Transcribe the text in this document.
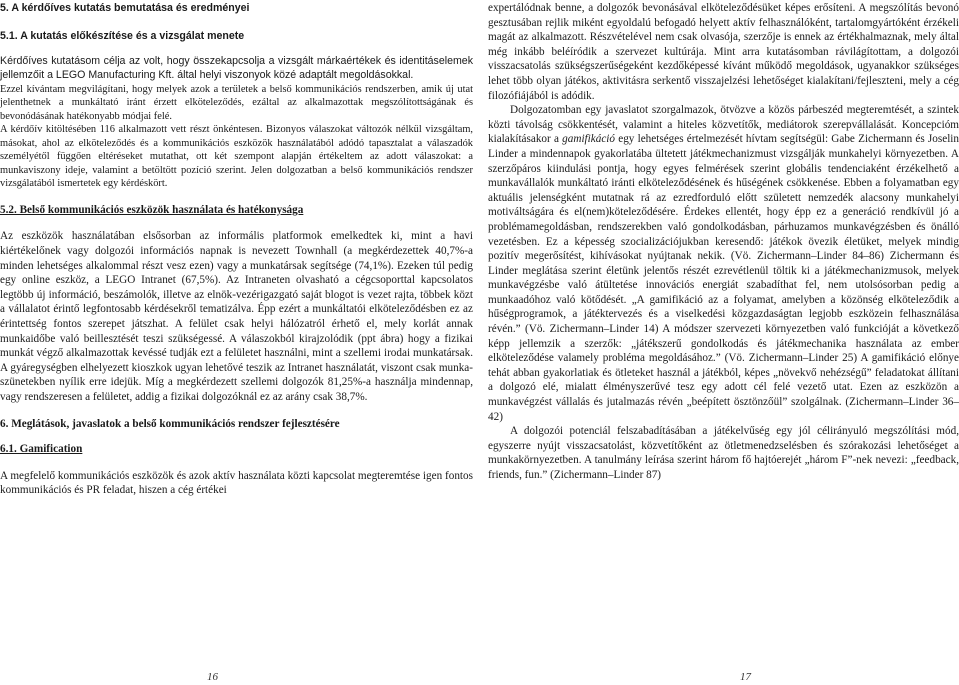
5. A kérdőíves kutatás bemutatása és eredményei
5.1. A kutatás előkészítése és a vizsgálat menete

Kérdőíves kutatásom célja az volt, hogy összekapcsolja a vizsgált márkaértékek és identitáselemek jellemzőit a LEGO Manufacturing Kft. által helyi viszonyok közé adaptált megoldásokkal.

Ezzel kívántam megvilágítani, hogy melyek azok a területek a belső kommunikációs rendszerben, amik új utat jelenthetnek a munkáltató iránt érzett elköteleződés, ezáltal az alkalmazottak megszólítottságának és bevonódásának hatékonyabb módjai felé.

A kérdőív kitöltésében 116 alkalmazott vett részt önkéntesen. Bizonyos válaszokat változók nélkül vizsgáltam, másokat, ahol az elköteleződés és a kommunikációs eszközök használatából adódó tapasztalat a válaszadók személyétől függően eltéréseket mutathat, ott két szempont alapján értékeltem az adott válaszokat: a munkaviszony ideje, valamint a betöltött pozíció szerint. Jelen dolgozatban a belső kommunikációs rendszer vizsgálatából ismertetek egy kérdéskört.

5.2. Belső kommunikációs eszközök használata és hatékonysága

Az eszközök használatában elsősorban az informális platformok emelkedtek ki, mint a havi kiértékelőnek vagy dolgozói információs napnak is nevezett Townhall (a megkérdezettek 40,7%-a minden lehetséges alkalommal részt vesz ezen) vagy a munkatársak segítsége (74,1%). Ezeken túl pedig egy online eszköz, a LEGO Intranet (67,5%). Az Intraneten olvasható a cégcsoporttal kapcsolatos legtöbb új információ, beszámolók, illetve az elnök-vezérigazgató saját blogot is vezet rajta, többek közt a vállalatot érintő legfontosabb kérdésekről tematizálva. Épp ezért a munkáltatói elköteleződésben ez az érintettség fontos szerepet játszhat. A felület csak helyi hálózatról érhető el, mely korlát annak munkaidőbe való beillesztését teszi szükségessé. A válaszokból kirajzolódik (ppt ábra) hogy a fizikai munkát végző alkalmazottak kevéssé tudják ezt a felületet használni, mint a szellemi irodai munkatársak. A gyáregységben elhelyezett kioszkok ugyan lehetővé teszik az Intranet használatát, viszont csak munka-szünetekben nyílik erre idejük. Míg a megkérdezett szellemi dolgozók 81,25%-a használja mindennap, vagy rendszeresen a felületet, addig a fizikai dolgozóknál ez az arány csak 38,7%.

6. Meglátások, javaslatok a belső kommunikációs rendszer fejlesztésére
6.1. Gamification

A megfelelő kommunikációs eszközök és azok aktív használata közti kapcsolat megteremtése igen fontos kommunikációs és PR feladat, hiszen a cég értékei

16

expertálódnak benne, a dolgozók bevonásával elköteleződésüket képes erősíteni. A megszólítás bevonó gesztusában rejlik miként egyoldalú befogadó helyett aktív felhasználóként, tartalomgyártóként érzékeli magát az alkalmazott. Részvételével nem csak olvasója, szerzője is ennek az értékhalmaznak, mely által még inkább beléíródik a szervezet kultúrája. Mint arra kutatásomban rávilágítottam, a dolgozói visszacsatolás szükségszerűségeként kezdőképessé kívánt működő megoldások, ugyanakkor szükséges lehet több olyan játékos, aktivitásra serkentő visszajelzési lehetőséget kialakítani/fejleszteni, mely a cég filozófiájából is adódik.

Dolgozatomban egy javaslatot szorgalmazok, ötvözve a közös párbeszéd megteremtését, a szintek közti távolság csökkentését, valamint a hiteles közvetítők, mediátorok szerepvállalását. Koncepcióm kialakításakor a gamifikáció egy lehetséges értelmezését hívtam segítségül: Gabe Zichermann és Joselin Linder a mindennapok gyakorlatába ültetett játékmechanizmust vizsgálják munkahelyi környezetben. A szerzőpáros kiindulási pontja, hogy egyes felmérések szerint globális tendenciaként érzékelhető a munkavállalók munkáltató iránti elköteleződésének és hűségének csökkenése. Ebben a folyamatban egy aktuális jelenségként mutatnak rá az ezredforduló előtt született nemzedék alacsony munkahelyi motiváltságára és el(nem)köteleződésére. Érdekes ellentét, hogy épp ez a generáció rendkívül jó a problémamegoldásban, rendszerekben való gondolkodásban, párhuzamos munkavégzésben és önálló vezetésben. Ez a képesség szocializációjukban keresendő: játékok övezik életüket, melyek mindig pozitív megerősítést, kihívásokat nyújtanak nekik. (Vö. Zichermann–Linder 84–86) Zichermann és Linder meglátása szerint életünk jelentős részét ezrevétlenül töltik ki a játékmechanizmusok, melyek munkavégzésbe való átültetése innovációs energiát szabadíthat fel, nem utolsósorban pedig a munkaadóhoz való kötődését. „A gamifikáció az a folyamat, amelyben a közönség elköteleződik a hűségprogramok, a játéktervezés és a viselkedési közgazdaságtan legjobb eszközein felhasználása révén.” (Vö. Zichermann–Linder 14) A módszer szervezeti környezetben való funkcióját a következő képp jellemzik a szerzők: „játékszerű gondolkodás és játékmechanika használata az ember elköteleződése valamely probléma megoldásához.” (Vö. Zichermann–Linder 25) A gamifikáció előnye tehát abban gyakorlatiak és ötleteket használ a játékból, képes „növekvő nehézségű” feladatokat állítani a dolgozó elé, mialatt élményszerűvé tesz egy adott cél felé vezető utat. Ezen az eszközön a munkavégzést vállalás és jutalmazás révén „beépített ösztönzőül” szolgálnak. (Zichermann–Linder 36–42)

A dolgozói potenciál felszabadításában a játékelvűség egy jól célirányuló megszólítási mód, egyszerre nyújt visszacsatolást, közvetítőként az ötletmenedzselésben és szórakozási lehetőséget a munkakörnyezetben. A tanulmány leírása szerint három fő hajtóerejét „három F”-nek nevezi: „feedback, friends, fun.” (Zichermann–Linder 87)

17
